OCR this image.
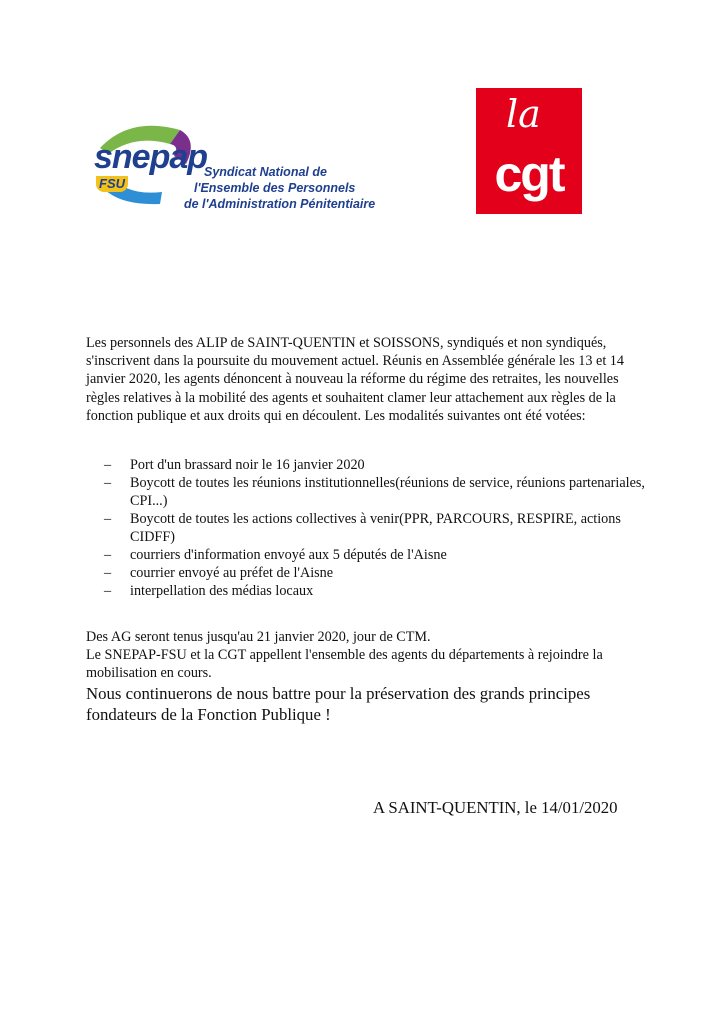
snepap
FSU
Syndicat National de
l'Ensemble des Personnels
de l'Administration Pénitentiaire
la
cgt
Les personnels des ALIP de SAINT-QUENTIN et SOISSONS, syndiqués et non syndiqués, s'inscrivent dans la poursuite du mouvement actuel. Réunis en Assemblée générale les 13 et 14 janvier 2020, les agents dénoncent à nouveau la réforme du régime des retraites, les nouvelles règles relatives à la mobilité des agents et souhaitent clamer leur attachement aux règles de la fonction publique et aux droits qui en découlent. Les modalités suivantes ont été votées:
– Port d'un brassard noir le 16 janvier 2020
– Boycott de toutes les réunions institutionnelles(réunions de service, réunions partenariales, CPI...)
– Boycott de toutes les actions collectives à venir(PPR, PARCOURS, RESPIRE, actions CIDFF)
– courriers d'information envoyé aux 5 députés de l'Aisne
– courrier envoyé au préfet de l'Aisne
– interpellation des médias locaux

Des AG seront tenus jusqu'au 21 janvier 2020, jour de CTM.

Le SNEPAP-FSU et la CGT appellent l'ensemble des agents du départements à rejoindre la mobilisation en cours.

Nous continuerons de nous battre pour la préservation des grands principes fondateurs de la Fonction Publique !
A SAINT-QUENTIN, le 14/01/2020
